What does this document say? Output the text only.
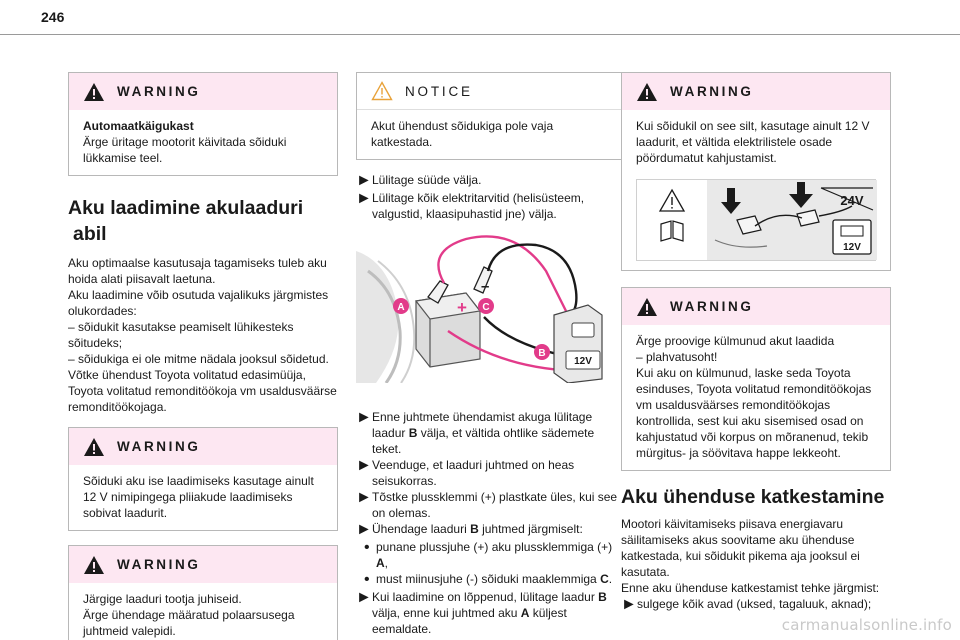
246
WARNING

Automaatkäigukast

Ärge üritage mootorit käivitada sõiduki lükkamise teel.

Aku laadimine akulaaduri
abil

Aku optimaalse kasutusaja tagamiseks tuleb aku hoida alati piisavalt laetuna.

Aku laadimine võib osutuda vajalikuks järgmistes olukordades:

– sõidukit kasutakse peamiselt lühikesteks sõitudeks;

– sõidukiga ei ole mitme nädala jooksul sõidetud.

Võtke ühendust Toyota volitatud edasimüüja, Toyota volitatud remonditöökoja vm usaldusväärse remonditöökojaga.

WARNING

Sõiduki aku ise laadimiseks kasutage ainult 12 V nimipingega pliiakude laadimiseks sobivat laadurit.

WARNING

Järgige laaduri tootja juhiseid.

Ärge ühendage määratud polaarsusega juhtmeid valepidi.

NOTICE

Akut ühendust sõidukiga pole vaja katkestada.

► Lülitage süüde välja.

► Lülitage kõik elektritarvitid (helisüsteem, valgustid, klaasipuhastid jne) välja.

12V
+
–
A	C
B
► Enne juhtmete ühendamist akuga lülitage laadur B välja, et vältida ohtlike sädemete teket.

► Veenduge, et laaduri juhtmed on heas seisukorras.

► Tõstke plussklemmi (+) plastkate üles, kui see on olemas.

► Ühendage laaduri B juhtmed järgmiselt:

• punane plussjuhe (+) aku plussklemmiga (+) A,

• must miinusjuhe (-) sõiduki maaklemmiga C.

► Kui laadimine on lõppenud, lülitage laadur B välja, enne kui juhtmed aku A küljest eemaldate.

WARNING

Kui sõidukil on see silt, kasutage ainult 12 V laadurit, et vältida elektrilistele osade pöördumatut kahjustamist.

24V
12V
WARNING

Ärge proovige külmunud akut laadida

– plahvatusoht!

Kui aku on külmunud, laske seda Toyota esinduses, Toyota volitatud remonditöökojas vm usaldusväärses remonditöökojas kontrollida, sest kui aku sisemised osad on kahjustatud või korpus on mõranenud, tekib mürgitus- ja söövitava happe lekkeoht.

Aku ühenduse katkestamine

Mootori käivitamiseks piisava energiavaru säilitamiseks akus soovitame aku ühenduse katkestada, kui sõidukit pikema aja jooksul ei kasutata.

Enne aku ühenduse katkestamist tehke järgmist:

► sulgege kõik avad (uksed, tagaluuk, aknad);

carmanualsonline.info
